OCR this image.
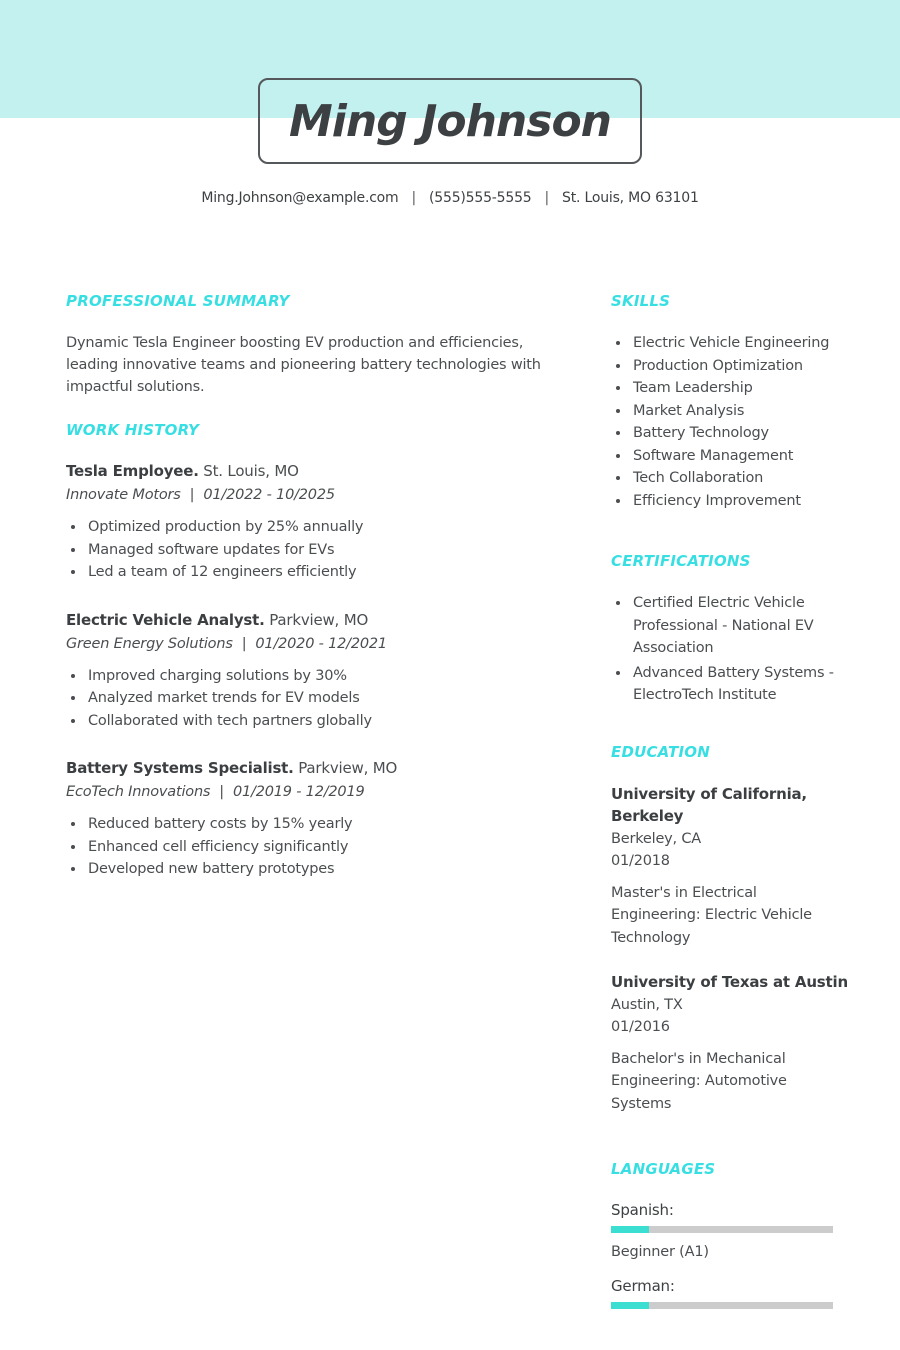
Ming Johnson
Ming.Johnson@example.com | (555)555-5555 | St. Louis, MO 63101
PROFESSIONAL SUMMARY

Dynamic Tesla Engineer boosting EV production and efficiencies, leading innovative teams and pioneering battery technologies with impactful solutions.

WORK HISTORY
Tesla Employee. St. Louis, MO
Innovate Motors | 01/2022 - 10/2025
• Optimized production by 25% annually
• Managed software updates for EVs
• Led a team of 12 engineers efficiently
Electric Vehicle Analyst. Parkview, MO
Green Energy Solutions | 01/2020 - 12/2021
• Improved charging solutions by 30%
• Analyzed market trends for EV models
• Collaborated with tech partners globally
Battery Systems Specialist. Parkview, MO
EcoTech Innovations | 01/2019 - 12/2019
• Reduced battery costs by 15% yearly
• Enhanced cell efficiency significantly
• Developed new battery prototypes
SKILLS
• Electric Vehicle Engineering
• Production Optimization
• Team Leadership
• Market Analysis
• Battery Technology
• Software Management
• Tech Collaboration
• Efficiency Improvement
CERTIFICATIONS
• Certified Electric Vehicle Professional - National EV Association
• Advanced Battery Systems - ElectroTech Institute
EDUCATION
University of California, Berkeley
Berkeley, CA
01/2018
Master's in Electrical Engineering: Electric Vehicle Technology
University of Texas at Austin
Austin, TX
01/2016
Bachelor's in Mechanical Engineering: Automotive Systems
LANGUAGES
Spanish:
Beginner (A1)
German:
